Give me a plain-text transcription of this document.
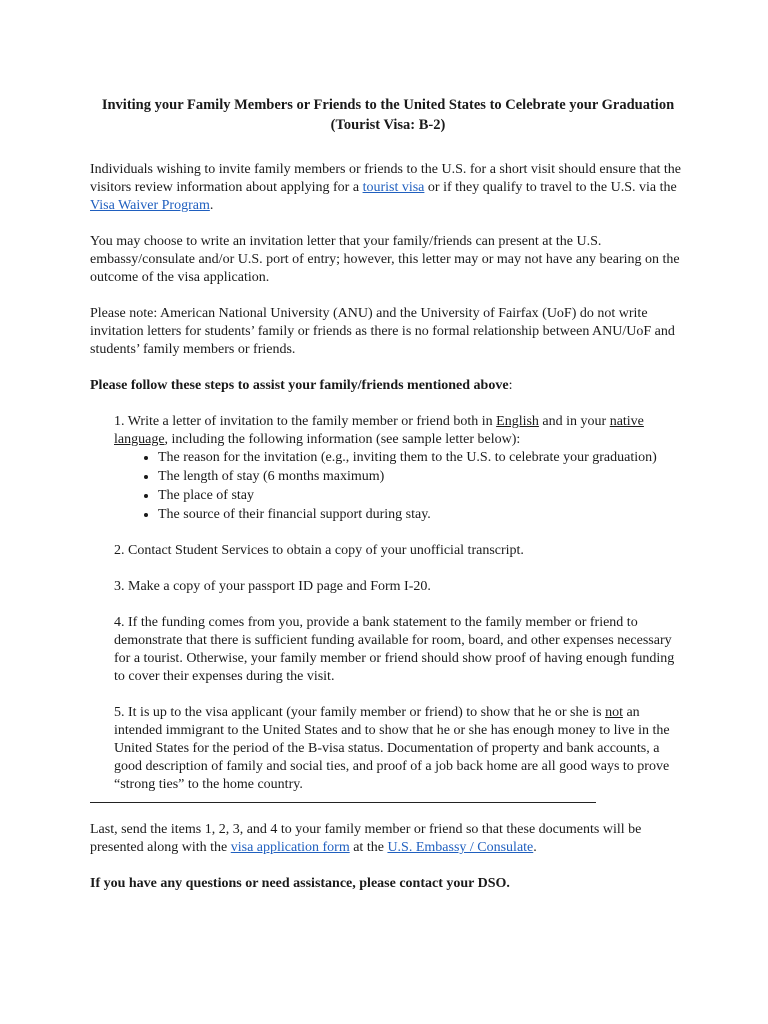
Inviting your Family Members or Friends to the United States to Celebrate your Graduation (Tourist Visa: B-2)

Individuals wishing to invite family members or friends to the U.S. for a short visit should ensure that the visitors review information about applying for a tourist visa or if they qualify to travel to the U.S. via the Visa Waiver Program.

You may choose to write an invitation letter that your family/friends can present at the U.S. embassy/consulate and/or U.S. port of entry; however, this letter may or may not have any bearing on the outcome of the visa application.

Please note: American National University (ANU) and the University of Fairfax (UoF) do not write invitation letters for students’ family or friends as there is no formal relationship between ANU/UoF and students’ family members or friends.

Please follow these steps to assist your family/friends mentioned above:

1. Write a letter of invitation to the family member or friend both in English and in your native language, including the following information (see sample letter below):
• The reason for the invitation (e.g., inviting them to the U.S. to celebrate your graduation)
• The length of stay (6 months maximum)
• The place of stay
• The source of their financial support during stay.
2. Contact Student Services to obtain a copy of your unofficial transcript.
3. Make a copy of your passport ID page and Form I-20.
4. If the funding comes from you, provide a bank statement to the family member or friend to demonstrate that there is sufficient funding available for room, board, and other expenses necessary for a tourist. Otherwise, your family member or friend should show proof of having enough funding to cover their expenses during the visit.
5. It is up to the visa applicant (your family member or friend) to show that he or she is not an intended immigrant to the United States and to show that he or she has enough money to live in the United States for the period of the B-visa status. Documentation of property and bank accounts, a good description of family and social ties, and proof of a job back home are all good ways to prove “strong ties” to the home country.

Last, send the items 1, 2, 3, and 4 to your family member or friend so that these documents will be presented along with the visa application form at the U.S. Embassy / Consulate.

If you have any questions or need assistance, please contact your DSO.
